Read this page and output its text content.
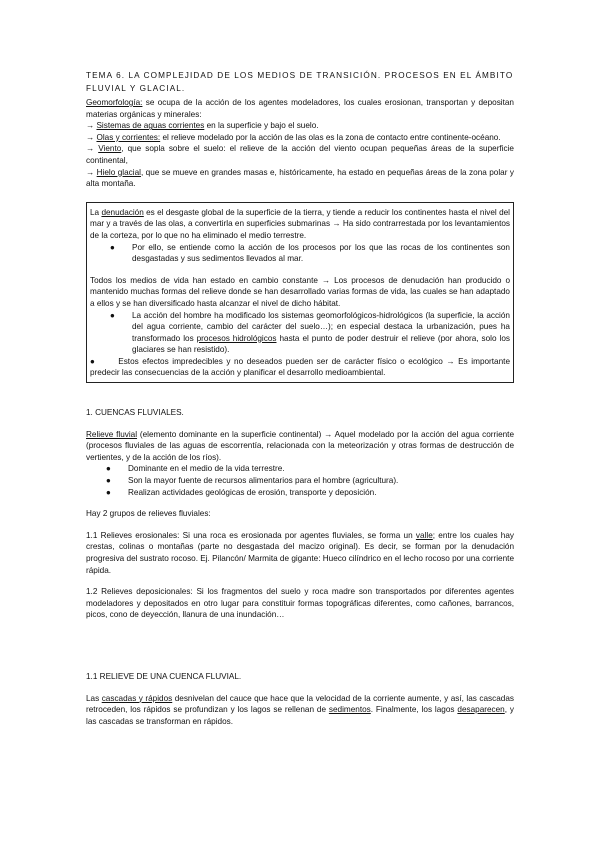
TEMA 6. LA COMPLEJIDAD DE LOS MEDIOS DE TRANSICIÓN. PROCESOS EN EL ÁMBITO FLUVIAL Y GLACIAL.

Geomorfología: se ocupa de la acción de los agentes modeladores, los cuales erosionan, transportan y depositan materias orgánicas y minerales:

→ Sistemas de aguas corrientes en la superficie y bajo el suelo.

→ Olas y corrientes: el relieve modelado por la acción de las olas es la zona de contacto entre continente-océano.

→ Viento, que sopla sobre el suelo: el relieve de la acción del viento ocupan pequeñas áreas de la superficie continental,

→ Hielo glacial, que se mueve en grandes masas e, históricamente, ha estado en pequeñas áreas de la zona polar y alta montaña.

La denudación es el desgaste global de la superficie de la tierra, y tiende a reducir los continentes hasta el nivel del mar y a través de las olas, a convertirla en superficies submarinas → Ha sido contrarrestada por los levantamientos de la corteza, por lo que no ha eliminado el medio terrestre.

● Por ello, se entiende como la acción de los procesos por los que las rocas de los continentes son desgastadas y sus sedimentos llevados al mar.

Todos los medios de vida han estado en cambio constante → Los procesos de denudación han producido o mantenido muchas formas del relieve donde se han desarrollado varias formas de vida, las cuales se han adaptado a ellos y se han diversificado hasta alcanzar el nivel de dicho hábitat.

● La acción del hombre ha modificado los sistemas geomorfológicos-hidrológicos (la superficie, la acción del agua corriente, cambio del carácter del suelo…); en especial destaca la urbanización, pues ha transformado los procesos hidrológicos hasta el punto de poder destruir el relieve (por ahora, solo los glaciares se han resistido).

●	Estos efectos impredecibles y no deseados pueden ser de carácter físico o ecológico → Es importante predecir las consecuencias de la acción y planificar el desarrollo medioambiental.

1. CUENCAS FLUVIALES.

Relieve fluvial (elemento dominante en la superficie continental) → Aquel modelado por la acción del agua corriente (procesos fluviales de las aguas de escorrentía, relacionada con la meteorización y otras formas de destrucción de vertientes, y de la acción de los ríos).

● Dominante en el medio de la vida terrestre.
● Son la mayor fuente de recursos alimentarios para el hombre (agricultura).
● Realizan actividades geológicas de erosión, transporte y deposición.

Hay 2 grupos de relieves fluviales:

1.1 Relieves erosionales: Si una roca es erosionada por agentes fluviales, se forma un valle; entre los cuales hay crestas, colinas o montañas (parte no desgastada del macizo original). Es decir, se forman por la denudación progresiva del sustrato rocoso. Ej. Pilancón/ Marmita de gigante: Hueco cilíndrico en el lecho rocoso por una corriente rápida.

1.2 Relieves deposicionales: Si los fragmentos del suelo y roca madre son transportados por diferentes agentes modeladores y depositados en otro lugar para constituir formas topográficas diferentes, como cañones, barrancos, picos, cono de deyección, llanura de una inundación…

1.1 RELIEVE DE UNA CUENCA FLUVIAL.

Las cascadas y rápidos desnivelan del cauce que hace que la velocidad de la corriente aumente, y así, las cascadas retroceden, los rápidos se profundizan y los lagos se rellenan de sedimentos. Finalmente, los lagos desaparecen, y las cascadas se transforman en rápidos.
